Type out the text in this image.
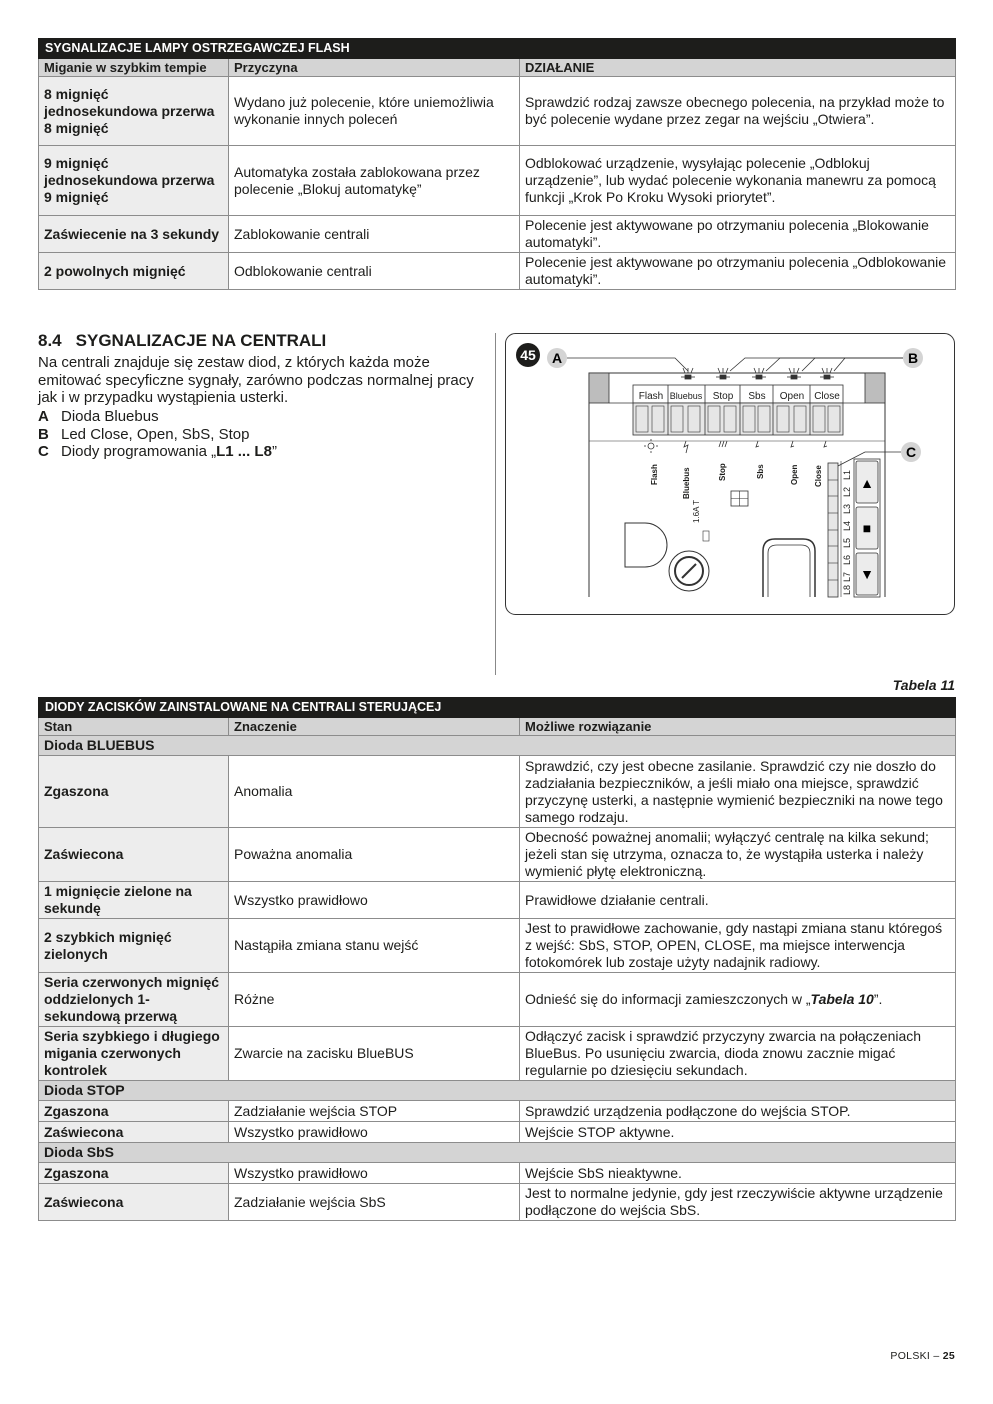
SYGNALIZACJE LAMPY OSTRZEGAWCZEJ FLASH		
Miganie w szybkim tempie	Przyczyna	DZIAŁANIE
8 mignięć jednosekundowa przerwa 8 mignięć	Wydano już polecenie, które uniemożliwia wykonanie innych poleceń	Sprawdzić rodzaj zawsze obecnego polecenia, na przykład może to być polecenie wydane przez zegar na wejściu „Otwiera”.
9 mignięć jednosekundowa przerwa 9 mignięć	Automatyka została zablokowana przez polecenie „Blokuj automatykę”	Odblokować urządzenie, wysyłając polecenie „Odblokuj urządzenie”, lub wydać polecenie wykonania manewru za pomocą funkcji „Krok Po Kroku Wysoki priorytet”.
Zaświecenie na 3 sekundy	Zablokowanie centrali	Polecenie jest aktywowane po otrzymaniu polecenia „Blokowanie automatyki”.
2 powolnych mignięć	Odblokowanie centrali	Polecenie jest aktywowane po otrzymaniu polecenia „Odblokowanie automatyki”.
8.4 SYGNALIZACJE NA CENTRALI

Na centrali znajduje się zestaw diod, z których każda może emitować specyficzne sygnały, zarówno podczas normalnej pracy jak i w przypadku wystąpienia usterki.

A Dioda Bluebus
B Led Close, Open, SbS, Stop
C Diody programowania „L1 ... L8”
45 A	B
C
Flash Bluebus Stop Sbs Open Close
Flash	Bluebus	Stop	Sbs	Open Close
1.6A T
L1
L2
L3
L4
L5
L6
L7
L8
▲
■
▼
Tabela 11
DIODY ZACISKÓW ZAINSTALOWANE NA CENTRALI STERUJĄCEJ		
Stan	Znaczenie	Możliwe rozwiązanie
Dioda BLUEBUS		
Zgaszona	Anomalia	Sprawdzić, czy jest obecne zasilanie. Sprawdzić czy nie doszło do zadziałania bezpieczników, a jeśli miało ona miejsce, sprawdzić przyczynę usterki, a następnie wymienić bezpieczniki na nowe tego samego rodzaju.
Zaświecona	Poważna anomalia	Obecność poważnej anomalii; wyłączyć centralę na kilka sekund; jeżeli stan się utrzyma, oznacza to, że wystąpiła usterka i należy wymienić płytę elektroniczną.
1 mignięcie zielone na sekundę	Wszystko prawidłowo	Prawidłowe działanie centrali.
2 szybkich mignięć zielonych	Nastąpiła zmiana stanu wejść	Jest to prawidłowe zachowanie, gdy nastąpi zmiana stanu któregoś z wejść: SbS, STOP, OPEN, CLOSE, ma miejsce interwencja fotokomórek lub zostaje użyty nadajnik radiowy.
Seria czerwonych mignięć oddzielonych 1-sekundową przerwą	Różne	Odnieść się do informacji zamieszczonych w „Tabela 10”.
Seria szybkiego i długiego migania czerwonych kontrolek	Zwarcie na zacisku BlueBUS	Odłączyć zacisk i sprawdzić przyczyny zwarcia na połączeniach BlueBus. Po usunięciu zwarcia, dioda znowu zacznie migać regularnie po dziesięciu sekundach.
Dioda STOP		
Zgaszona	Zadziałanie wejścia STOP	Sprawdzić urządzenia podłączone do wejścia STOP.
Zaświecona	Wszystko prawidłowo	Wejście STOP aktywne.
Dioda SbS		
Zgaszona	Wszystko prawidłowo	Wejście SbS nieaktywne.
Zaświecona	Zadziałanie wejścia SbS	Jest to normalne jedynie, gdy jest rzeczywiście aktywne urządzenie podłączone do wejścia SbS.
POLSKI – 25
